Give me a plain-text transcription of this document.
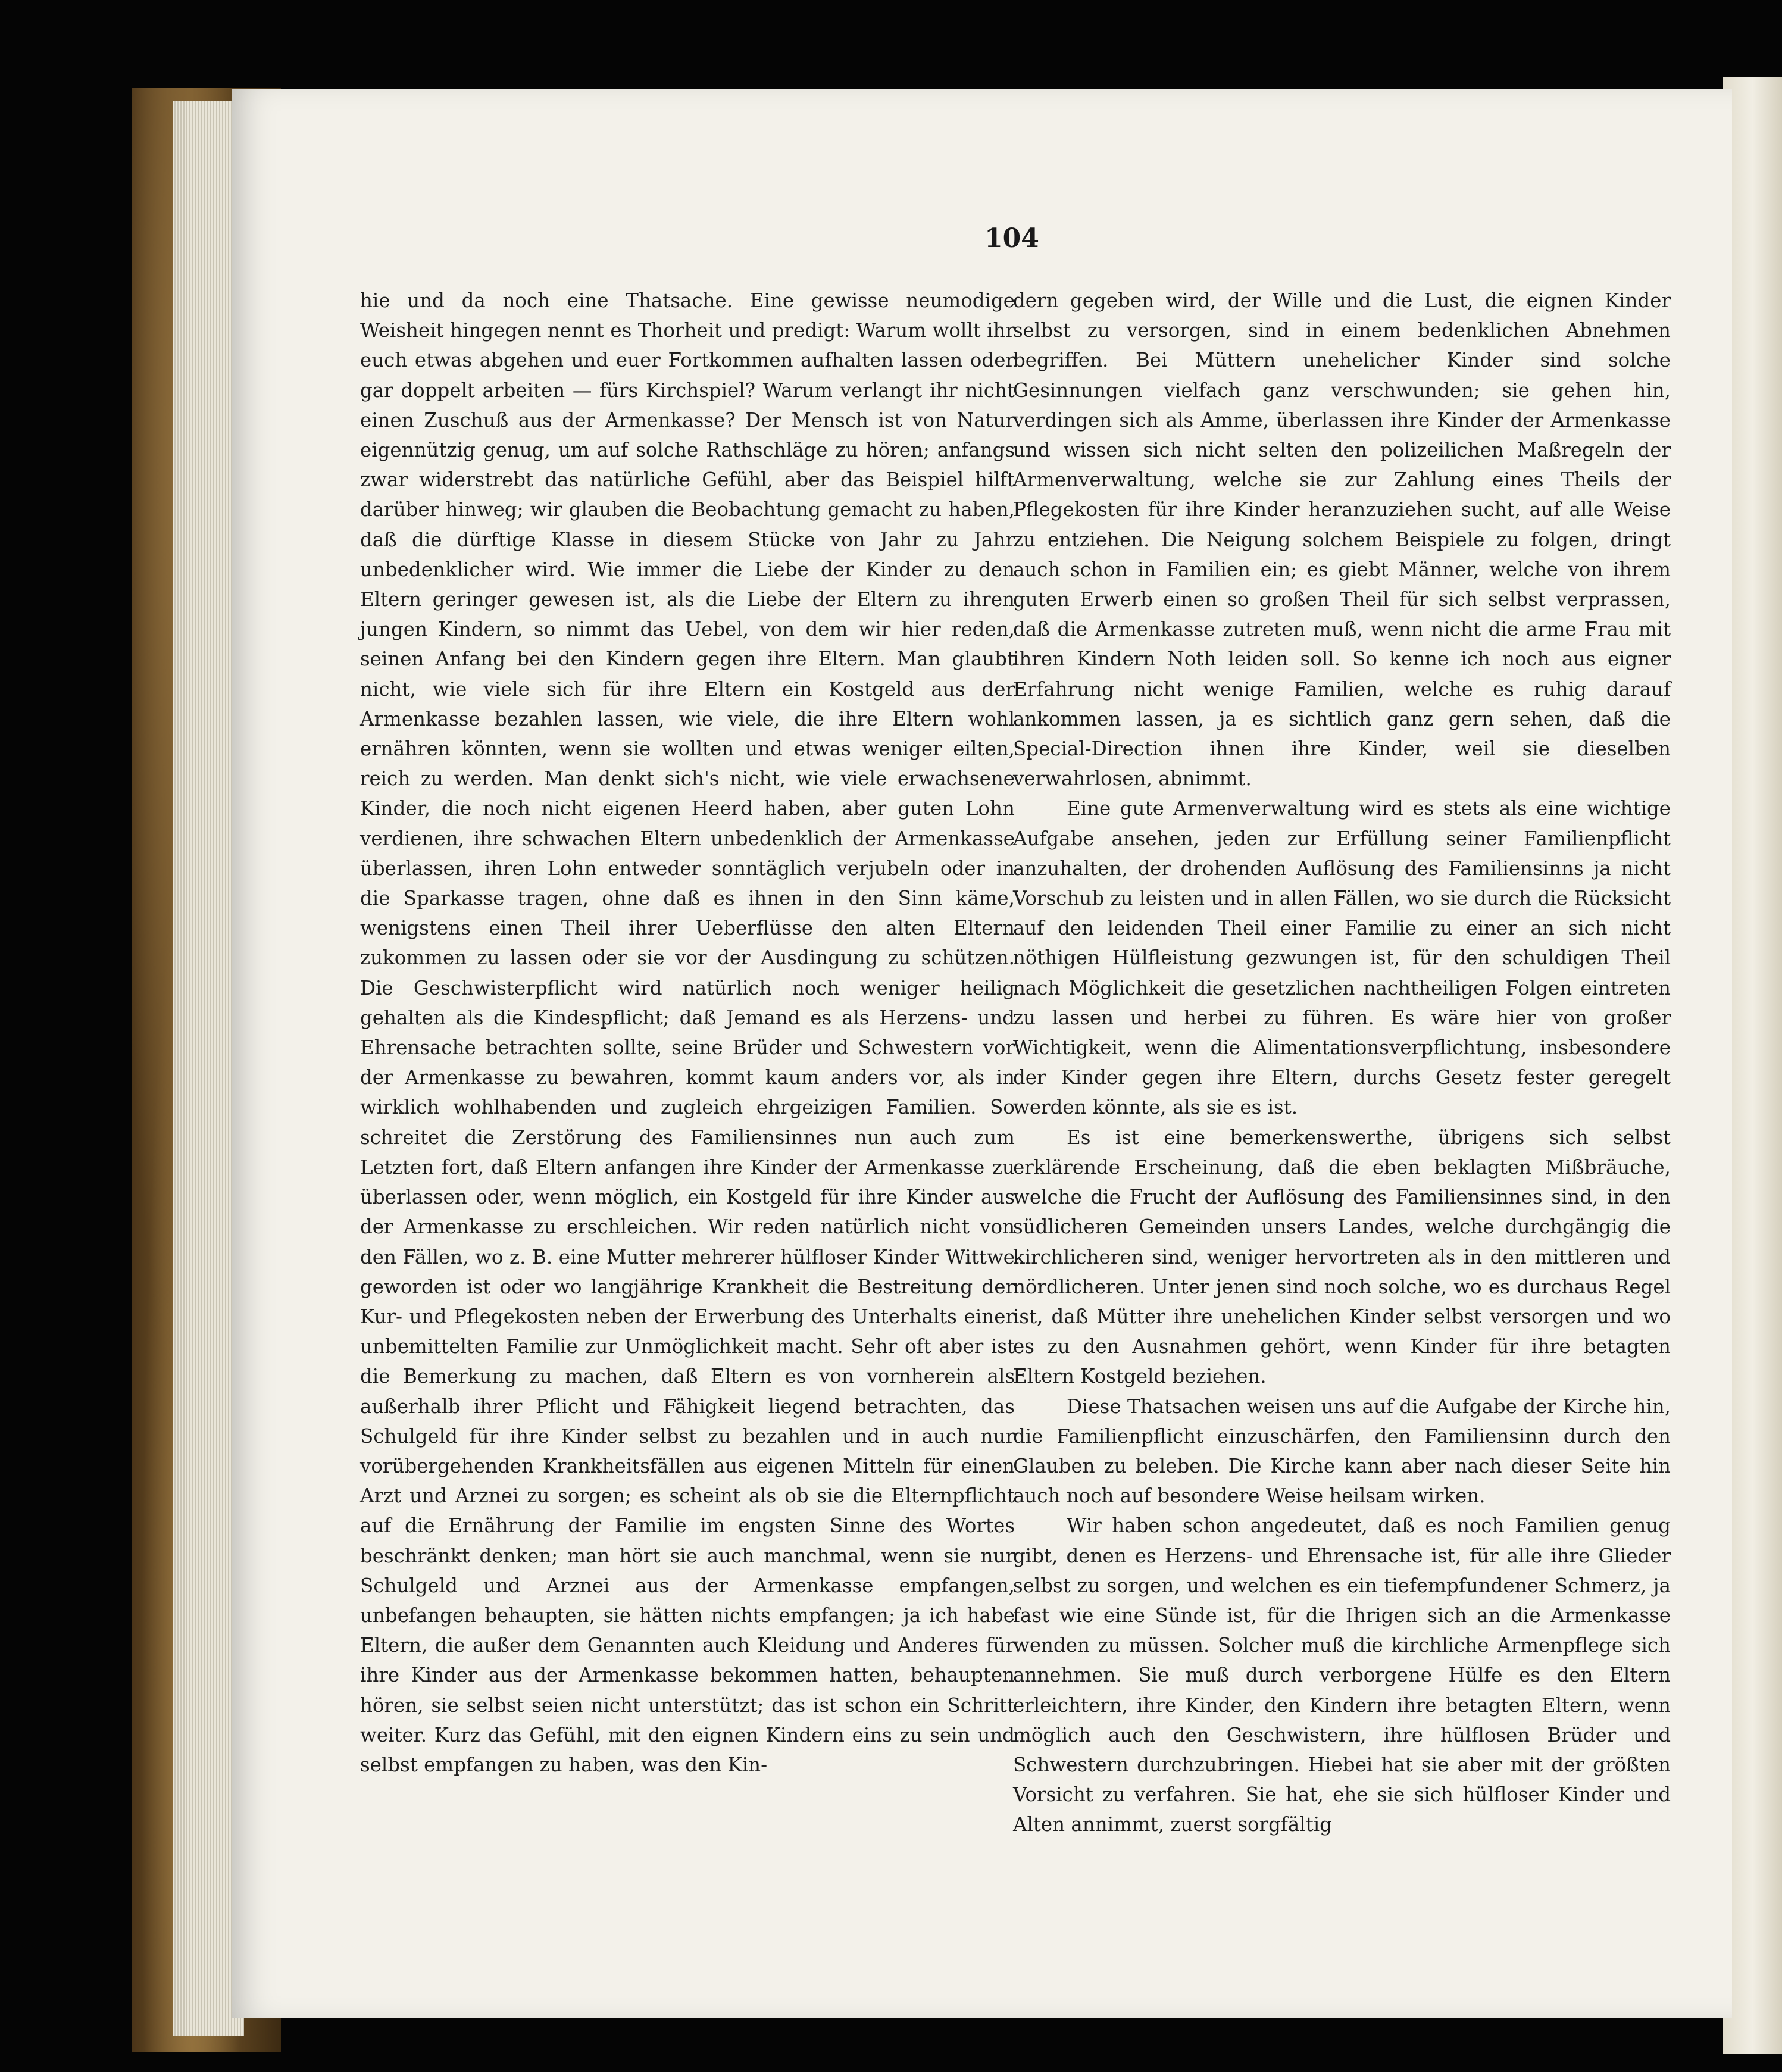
104

hie und da noch eine Thatsache. Eine gewisse neumodige Weisheit hingegen nennt es Thorheit und predigt: Warum wollt ihr euch etwas abgehen und euer Fortkommen aufhalten lassen oder gar doppelt arbeiten — fürs Kirchspiel? Warum verlangt ihr nicht einen Zuschuß aus der Armenkasse? Der Mensch ist von Natur eigennützig genug, um auf solche Rathschläge zu hören; anfangs zwar widerstrebt das natürliche Gefühl, aber das Beispiel hilft darüber hinweg; wir glauben die Beobachtung gemacht zu haben, daß die dürftige Klasse in diesem Stücke von Jahr zu Jahr unbedenklicher wird. Wie immer die Liebe der Kinder zu den Eltern geringer gewesen ist, als die Liebe der Eltern zu ihren jungen Kindern, so nimmt das Uebel, von dem wir hier reden, seinen Anfang bei den Kindern gegen ihre Eltern. Man glaubt nicht, wie viele sich für ihre Eltern ein Kostgeld aus der Armenkasse bezahlen lassen, wie viele, die ihre Eltern wohl ernähren könnten, wenn sie wollten und etwas weniger eilten, reich zu werden. Man denkt sich's nicht, wie viele erwachsene Kinder, die noch nicht eigenen Heerd haben, aber guten Lohn verdienen, ihre schwachen Eltern unbedenklich der Armenkasse überlassen, ihren Lohn entweder sonntäglich verjubeln oder in die Sparkasse tragen, ohne daß es ihnen in den Sinn käme, wenigstens einen Theil ihrer Ueberflüsse den alten Eltern zukommen zu lassen oder sie vor der Ausdingung zu schützen. Die Geschwisterpflicht wird natürlich noch weniger heilig gehalten als die Kindespflicht; daß Jemand es als Herzens- und Ehrensache betrachten sollte, seine Brüder und Schwestern vor der Armenkasse zu bewahren, kommt kaum anders vor, als in wirklich wohlhabenden und zugleich ehrgeizigen Familien. So schreitet die Zerstörung des Familiensinnes nun auch zum Letzten fort, daß Eltern anfangen ihre Kinder der Armenkasse zu überlassen oder, wenn möglich, ein Kostgeld für ihre Kinder aus der Armenkasse zu erschleichen. Wir reden natürlich nicht von den Fällen, wo z. B. eine Mutter mehrerer hülfloser Kinder Wittwe geworden ist oder wo langjährige Krankheit die Bestreitung der Kur- und Pflegekosten neben der Erwerbung des Unterhalts einer unbemittelten Familie zur Unmöglichkeit macht. Sehr oft aber ist die Bemerkung zu machen, daß Eltern es von vornherein als außerhalb ihrer Pflicht und Fähigkeit liegend betrachten, das Schulgeld für ihre Kinder selbst zu bezahlen und in auch nur vorübergehenden Krankheitsfällen aus eigenen Mitteln für einen Arzt und Arznei zu sorgen; es scheint als ob sie die Elternpflicht auf die Ernährung der Familie im engsten Sinne des Wortes beschränkt denken; man hört sie auch manchmal, wenn sie nur Schulgeld und Arznei aus der Armenkasse empfangen, unbefangen behaupten, sie hätten nichts empfangen; ja ich habe Eltern, die außer dem Genannten auch Kleidung und Anderes für ihre Kinder aus der Armenkasse bekommen hatten, behaupten hören, sie selbst seien nicht unterstützt; das ist schon ein Schritt weiter. Kurz das Gefühl, mit den eignen Kindern eins zu sein und selbst empfangen zu haben, was den Kin-

dern gegeben wird, der Wille und die Lust, die eignen Kinder selbst zu versorgen, sind in einem bedenklichen Abnehmen begriffen. Bei Müttern unehelicher Kinder sind solche Gesinnungen vielfach ganz verschwunden; sie gehen hin, verdingen sich als Amme, überlassen ihre Kinder der Armenkasse und wissen sich nicht selten den polizeilichen Maßregeln der Armenverwaltung, welche sie zur Zahlung eines Theils der Pflegekosten für ihre Kinder heranzuziehen sucht, auf alle Weise zu entziehen. Die Neigung solchem Beispiele zu folgen, dringt auch schon in Familien ein; es giebt Männer, welche von ihrem guten Erwerb einen so großen Theil für sich selbst verprassen, daß die Armenkasse zutreten muß, wenn nicht die arme Frau mit ihren Kindern Noth leiden soll. So kenne ich noch aus eigner Erfahrung nicht wenige Familien, welche es ruhig darauf ankommen lassen, ja es sichtlich ganz gern sehen, daß die Special-Direction ihnen ihre Kinder, weil sie dieselben verwahrlosen, abnimmt.

Eine gute Armenverwaltung wird es stets als eine wichtige Aufgabe ansehen, jeden zur Erfüllung seiner Familienpflicht anzuhalten, der drohenden Auflösung des Familiensinns ja nicht Vorschub zu leisten und in allen Fällen, wo sie durch die Rücksicht auf den leidenden Theil einer Familie zu einer an sich nicht nöthigen Hülfleistung gezwungen ist, für den schuldigen Theil nach Möglichkeit die gesetzlichen nachtheiligen Folgen eintreten zu lassen und herbei zu führen. Es wäre hier von großer Wichtigkeit, wenn die Alimentationsverpflichtung, insbesondere der Kinder gegen ihre Eltern, durchs Gesetz fester geregelt werden könnte, als sie es ist.

Es ist eine bemerkenswerthe, übrigens sich selbst erklärende Erscheinung, daß die eben beklagten Mißbräuche, welche die Frucht der Auflösung des Familiensinnes sind, in den südlicheren Gemeinden unsers Landes, welche durchgängig die kirchlicheren sind, weniger hervortreten als in den mittleren und nördlicheren. Unter jenen sind noch solche, wo es durchaus Regel ist, daß Mütter ihre unehelichen Kinder selbst versorgen und wo es zu den Ausnahmen gehört, wenn Kinder für ihre betagten Eltern Kostgeld beziehen.

Diese Thatsachen weisen uns auf die Aufgabe der Kirche hin, die Familienpflicht einzuschärfen, den Familiensinn durch den Glauben zu beleben. Die Kirche kann aber nach dieser Seite hin auch noch auf besondere Weise heilsam wirken.

Wir haben schon angedeutet, daß es noch Familien genug gibt, denen es Herzens- und Ehrensache ist, für alle ihre Glieder selbst zu sorgen, und welchen es ein tiefempfundener Schmerz, ja fast wie eine Sünde ist, für die Ihrigen sich an die Armenkasse wenden zu müssen. Solcher muß die kirchliche Armenpflege sich annehmen. Sie muß durch verborgene Hülfe es den Eltern erleichtern, ihre Kinder, den Kindern ihre betagten Eltern, wenn möglich auch den Geschwistern, ihre hülflosen Brüder und Schwestern durchzubringen. Hiebei hat sie aber mit der größten Vorsicht zu verfahren. Sie hat, ehe sie sich hülfloser Kinder und Alten annimmt, zuerst sorgfältig
